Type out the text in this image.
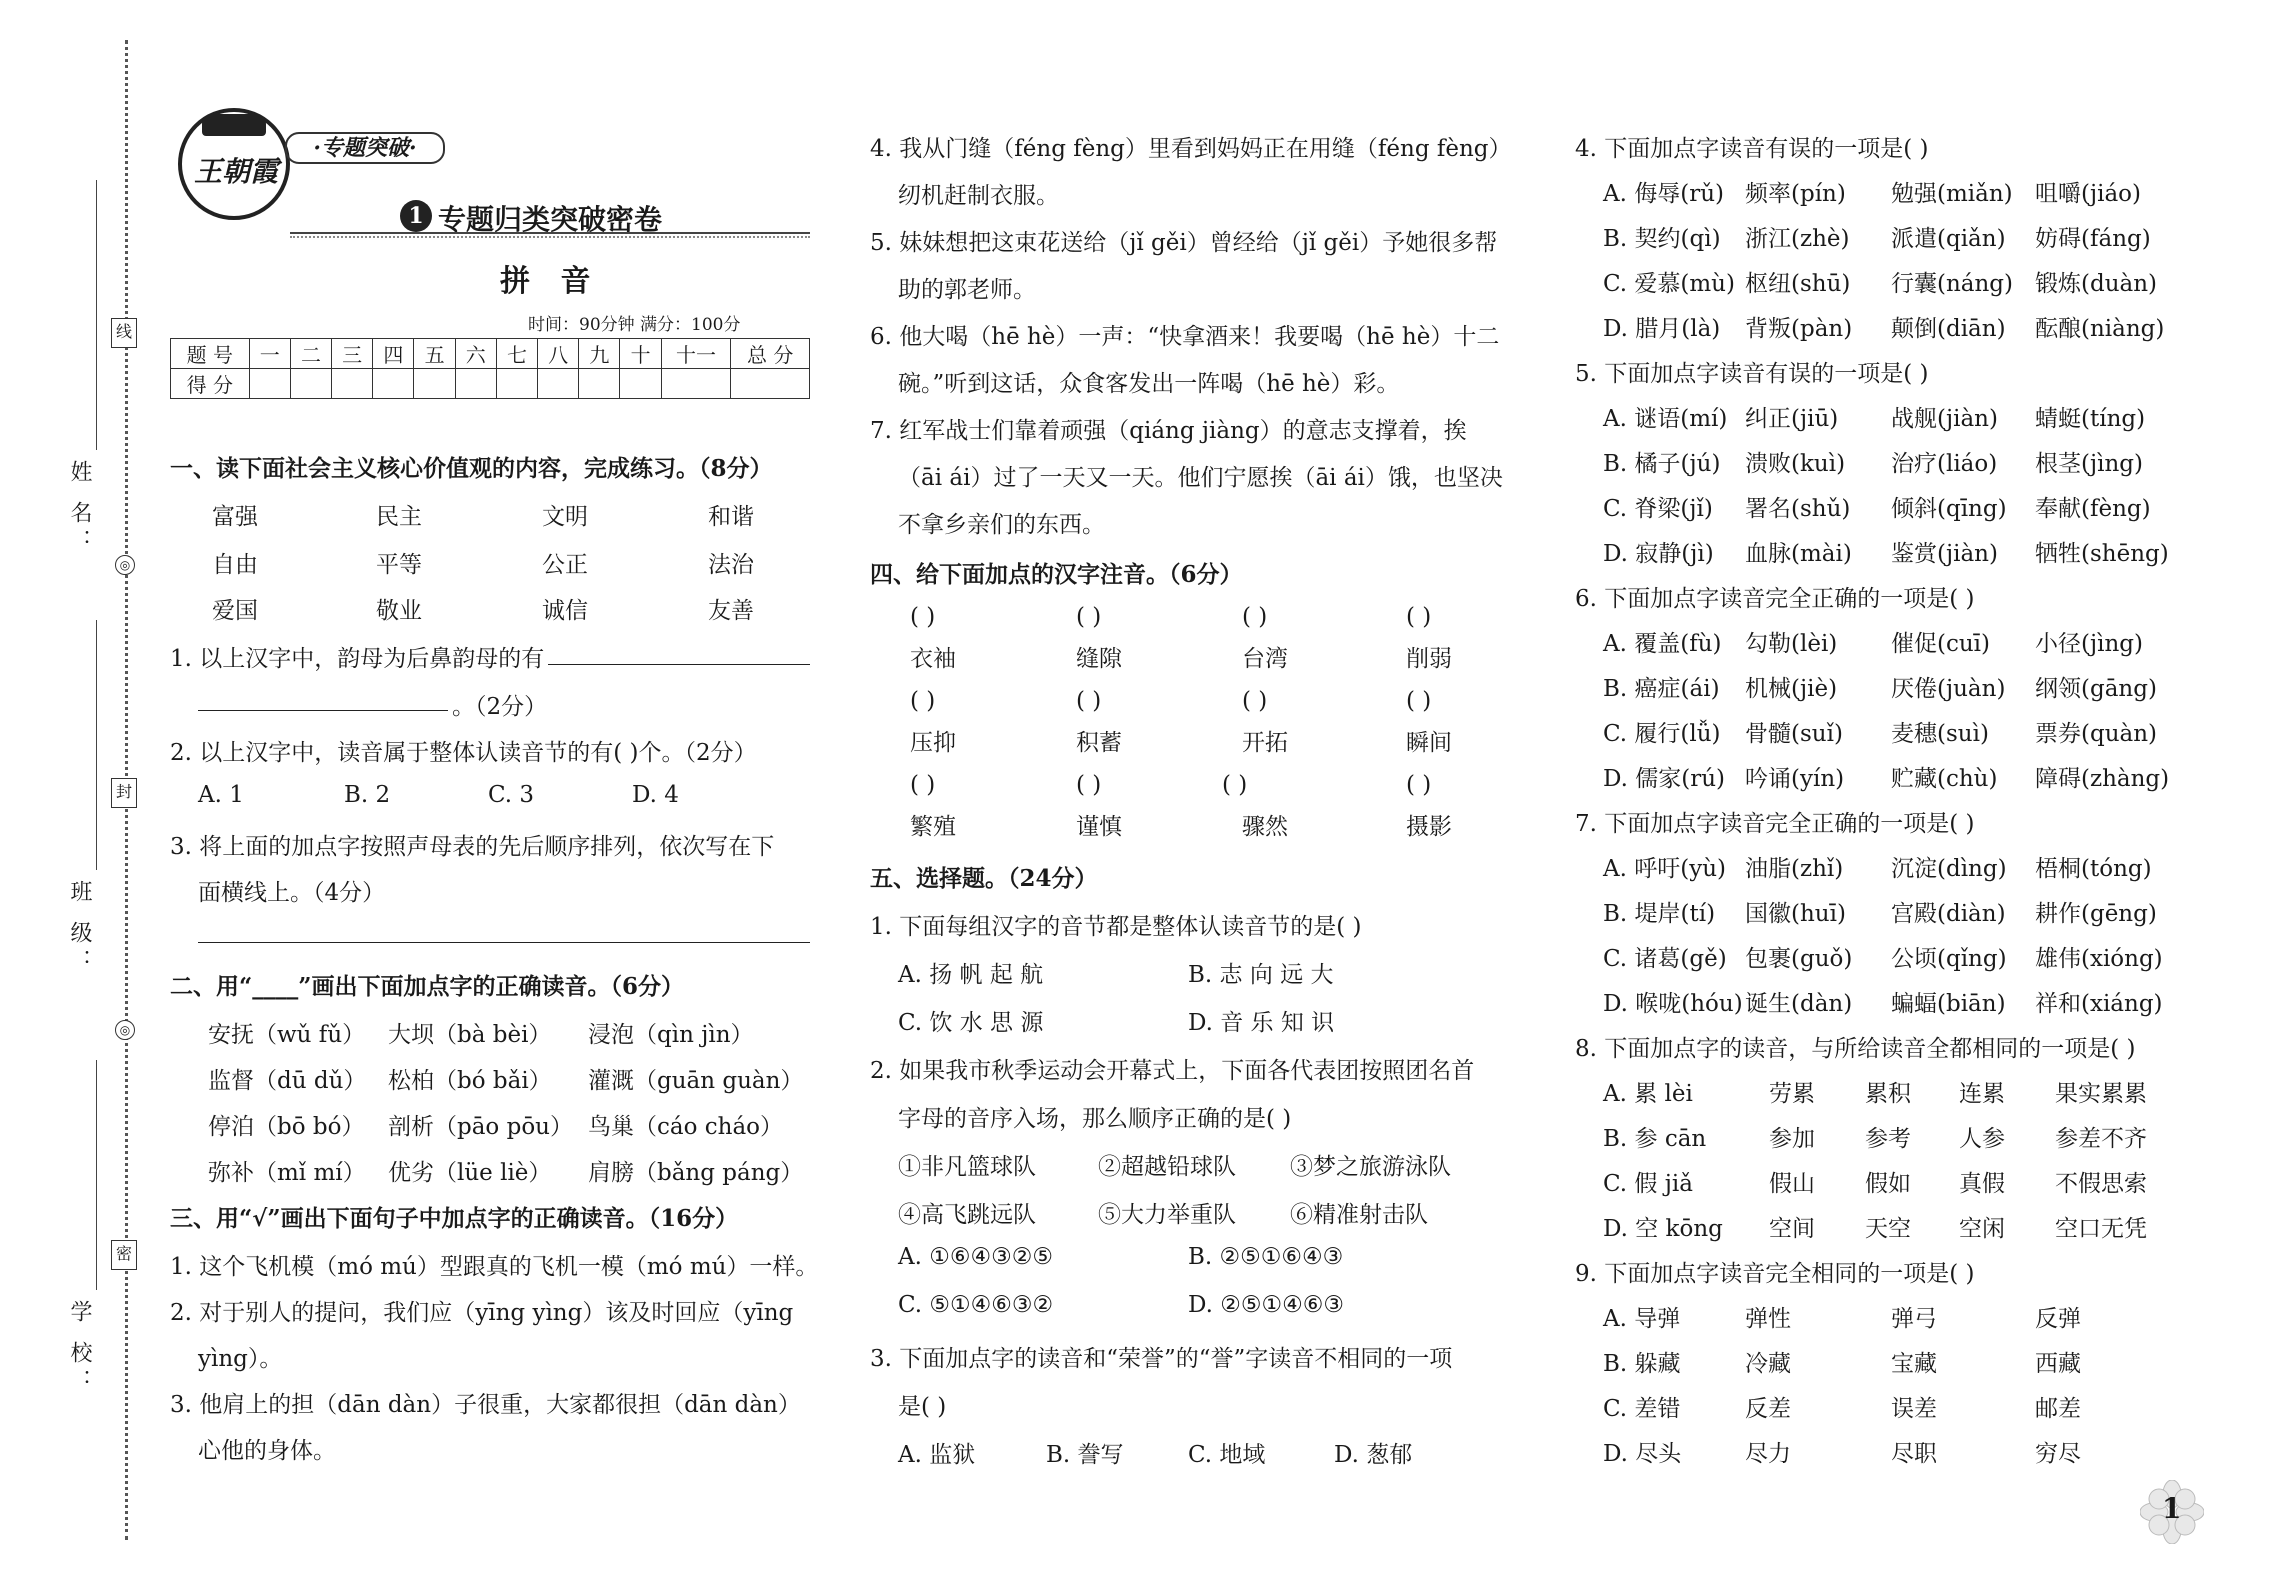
姓 名：
班 级：
学 校：
线
◎
封
◎
密
王朝霞
·专题突破·
1 专题归类突破密卷
拼 音
时间：90分钟 满分：100分
题 号	一	二	三	四	五	六	七	八	九	十	十一	总 分
得 分												
一、读下面社会主义核心价值观的内容，完成练习。（8分）
富强	民主	文明	和谐
自由	平等	公正	法治
爱国	敬业	诚信	友善
1. 以上汉字中，韵母为后鼻韵母的有
。（2分）
2. 以上汉字中，读音属于整体认读音节的有( )个。（2分）
A. 1	B. 2	C. 3	D. 4
3. 将上面的加点字按照声母表的先后顺序排列，依次写在下
面横线上。（4分）
二、用“____”画出下面加点字的正确读音。（6分）
安抚（wǔ fǔ） 大坝（bà bèi） 浸泡（qìn jìn）
监督（dū dǔ） 松柏（bó bǎi） 灌溉（guān guàn）
停泊（bō bó） 剖析（pāo pōu） 鸟巢（cáo cháo）
弥补（mǐ mí） 优劣（lüe liè） 肩膀（bǎng páng）
三、用“√”画出下面句子中加点字的正确读音。（16分）
1. 这个飞机模（mó mú）型跟真的飞机一模（mó mú）一样。
2. 对于别人的提问，我们应（yīng yìng）该及时回应（yīng
yìng）。
3. 他肩上的担（dān dàn）子很重，大家都很担（dān dàn）
心他的身体。
4. 我从门缝（féng fèng）里看到妈妈正在用缝（féng fèng）
纫机赶制衣服。
5. 妹妹想把这束花送给（jǐ gěi）曾经给（jǐ gěi）予她很多帮
助的郭老师。
6. 他大喝（hē hè）一声：“快拿酒来！我要喝（hē hè）十二
碗。”听到这话，众食客发出一阵喝（hē hè）彩。
7. 红军战士们靠着顽强（qiáng jiàng）的意志支撑着，挨
（āi ái）过了一天又一天。他们宁愿挨（āi ái）饿，也坚决
不拿乡亲们的东西。
四、给下面加点的汉字注音。（6分）
( )	( )	( )	( )
衣袖	缝隙	台湾	削弱
( )	( )	( )	( )
压抑	积蓄	开拓	瞬间
( )	( )	( )	( )
繁殖	谨慎	骤然	摄影
五、选择题。（24分）
1. 下面每组汉字的音节都是整体认读音节的是( )
A. 扬 帆 起 航	B. 志 向 远 大
C. 饮 水 思 源	D. 音 乐 知 识
2. 如果我市秋季运动会开幕式上，下面各代表团按照团名首
字母的音序入场，那么顺序正确的是( )
①非凡篮球队	②超越铅球队 ③梦之旅游泳队
④高飞跳远队	⑤大力举重队 ⑥精准射击队
A. ①⑥④③②⑤	B. ②⑤①⑥④③
C. ⑤①④⑥③②	D. ②⑤①④⑥③
3. 下面加点字的读音和“荣誉”的“誉”字读音不相同的一项
是( )
A. 监狱	B. 誊写	C. 地域	D. 葱郁
4. 下面加点字读音有误的一项是( )
A. 侮辱(rǔ) 频率(pín) 勉强(miǎn) 咀嚼(jiáo)
B. 契约(qì) 浙江(zhè) 派遣(qiǎn) 妨碍(fáng)
C. 爱慕(mù) 枢纽(shū) 行囊(náng) 锻炼(duàn)
D. 腊月(là) 背叛(pàn) 颠倒(diān) 酝酿(niàng)
5. 下面加点字读音有误的一项是( )
A. 谜语(mí) 纠正(jiū) 战舰(jiàn) 蜻蜓(tíng)
B. 橘子(jú) 溃败(kuì) 治疗(liáo) 根茎(jìng)
C. 脊梁(jǐ) 署名(shǔ) 倾斜(qīng) 奉献(fèng)
D. 寂静(jì) 血脉(mài) 鉴赏(jiàn) 牺牲(shēng)
6. 下面加点字读音完全正确的一项是( )
A. 覆盖(fù) 勾勒(lèi) 催促(cuī) 小径(jìng)
B. 癌症(ái) 机械(jiè) 厌倦(juàn) 纲领(gāng)
C. 履行(lǚ) 骨髓(suǐ) 麦穗(suì) 票券(quàn)
D. 儒家(rú) 吟诵(yín) 贮藏(chù) 障碍(zhàng)
7. 下面加点字读音完全正确的一项是( )
A. 呼吁(yù) 油脂(zhǐ) 沉淀(dìng) 梧桐(tóng)
B. 堤岸(tí) 国徽(huī) 宫殿(diàn) 耕作(gēng)
C. 诸葛(gě) 包裹(guǒ) 公顷(qǐng) 雄伟(xióng)
D. 喉咙(hóu) 诞生(dàn) 蝙蝠(biān) 祥和(xiáng)
8. 下面加点字的读音，与所给读音全都相同的一项是( )
A. 累 lèi	劳累 累积 连累 果实累累
B. 参 cān	参加 参考 人参 参差不齐
C. 假 jiǎ	假山 假如 真假 不假思索
D. 空 kōng 空间 天空 空闲 空口无凭
9. 下面加点字读音完全相同的一项是( )
A. 导弹	弹性	弹弓	反弹
B. 躲藏	冷藏	宝藏	西藏
C. 差错	反差	误差	邮差
D. 尽头	尽力	尽职	穷尽
1
